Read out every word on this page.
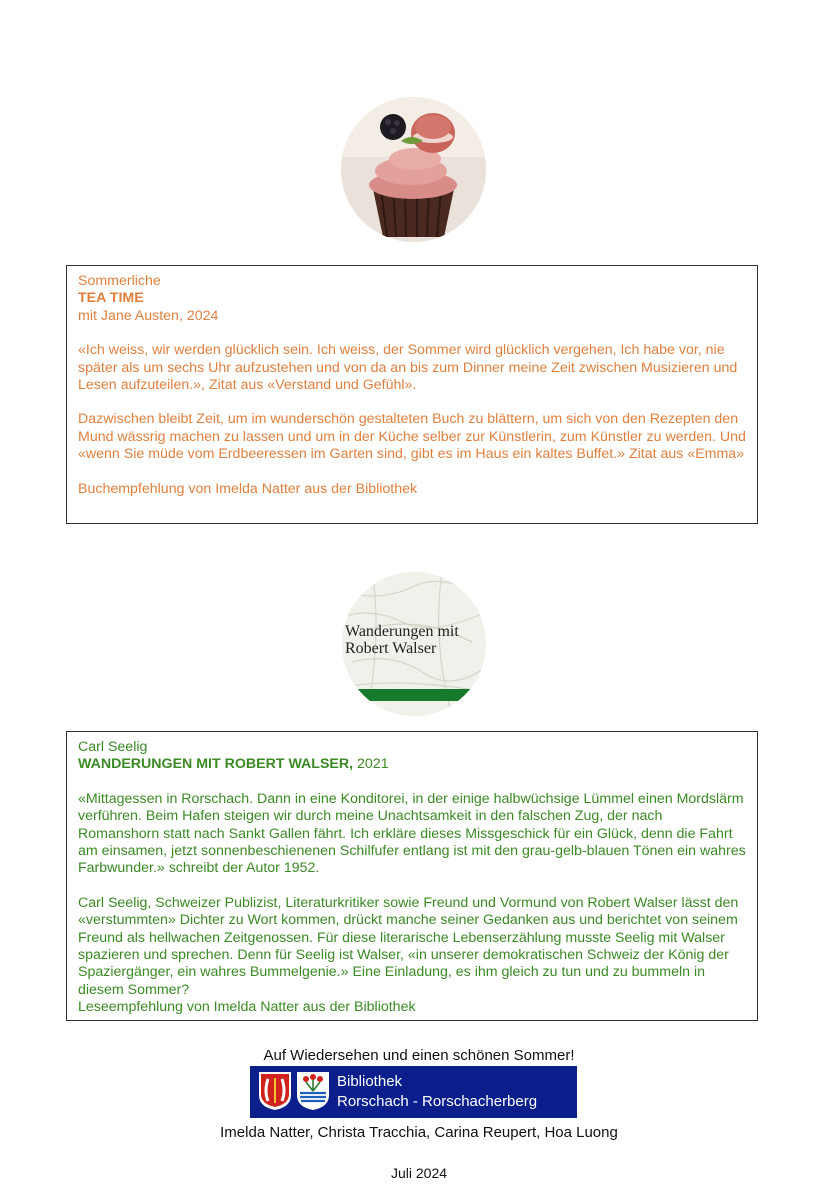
Sommerliche

TEA TIME

mit Jane Austen, 2024

«Ich weiss, wir werden glücklich sein. Ich weiss, der Sommer wird glücklich vergehen, Ich habe vor, nie später als um sechs Uhr aufzustehen und von da an bis zum Dinner meine Zeit zwischen Musizieren und Lesen aufzuteilen.», Zitat aus «Verstand und Gefühl».

Dazwischen bleibt Zeit, um im wunderschön gestalteten Buch zu blättern, um sich von den Rezepten den Mund wässrig machen zu lassen und um in der Küche selber zur Künstlerin, zum Künstler zu werden. Und «wenn Sie müde vom Erdbeeressen im Garten sind, gibt es im Haus ein kaltes Buffet.» Zitat aus «Emma»

Buchempfehlung von Imelda Natter aus der Bibliothek

Wanderungen mit
Robert Walser

Carl Seelig

WANDERUNGEN MIT ROBERT WALSER, 2021

«Mittagessen in Rorschach. Dann in eine Konditorei, in der einige halbwüchsige Lümmel einen Mordslärm verführen. Beim Hafen steigen wir durch meine Unachtsamkeit in den falschen Zug, der nach Romanshorn statt nach Sankt Gallen fährt. Ich erkläre dieses Missgeschick für ein Glück, denn die Fahrt am einsamen, jetzt sonnenbeschienenen Schilfufer entlang ist mit den grau-gelb-blauen Tönen ein wahres Farbwunder.» schreibt der Autor 1952.

Carl Seelig, Schweizer Publizist, Literaturkritiker sowie Freund und Vormund von Robert Walser lässt den «verstummten» Dichter zu Wort kommen, drückt manche seiner Gedanken aus und berichtet von seinem Freund als hellwachen Zeitgenossen. Für diese literarische Lebenserzählung musste Seelig mit Walser spazieren und sprechen. Denn für Seelig ist Walser, «in unserer demokratischen Schweiz der König der Spaziergänger, ein wahres Bummelgenie.» Eine Einladung, es ihm gleich zu tun und zu bummeln in diesem Sommer?

Leseempfehlung von Imelda Natter aus der Bibliothek

Auf Wiedersehen und einen schönen Sommer!
Bibliothek
Rorschach - Rorschacherberg
Imelda Natter, Christa Tracchia, Carina Reupert, Hoa Luong
Juli 2024
